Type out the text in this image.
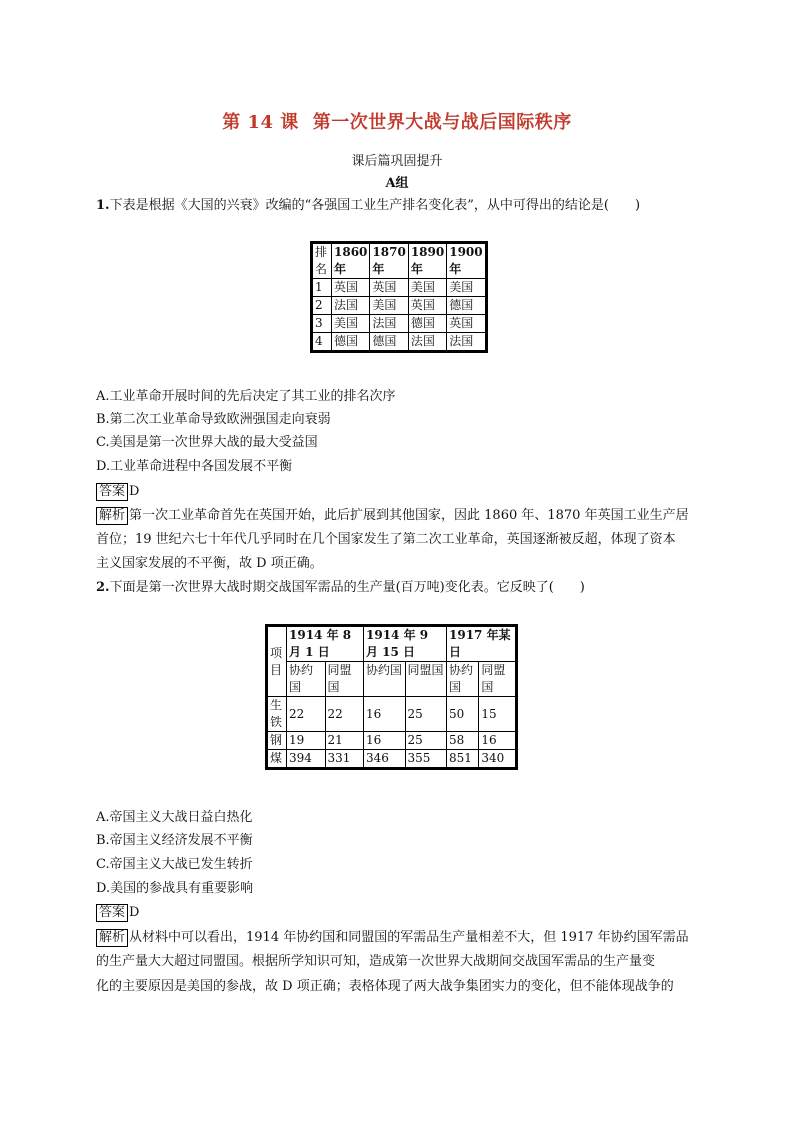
第 14 课 第一次世界大战与战后国际秩序
课后篇巩固提升
A组
1.下表是根据《大国的兴衰》改编的“各强国工业生产排名变化表”，从中可得出的结论是(　　)
排名	1860 年	1870 年	1890 年	1900 年
1	英国	英国	美国	美国
2	法国	美国	英国	德国
3	美国	法国	德国	英国
4	德国	德国	法国	法国
A.工业革命开展时间的先后决定了其工业的排名次序
B.第二次工业革命导致欧洲强国走向衰弱
C.美国是第一次世界大战的最大受益国
D.工业革命进程中各国发展不平衡
答案 D
解析 第一次工业革命首先在英国开始，此后扩展到其他国家，因此 1860 年、1870 年英国工业生产居
首位；19 世纪六七十年代几乎同时在几个国家发生了第二次工业革命，英国逐渐被反超，体现了资本
主义国家发展的不平衡，故 D 项正确。
2.下面是第一次世界大战时期交战国军需品的生产量(百万吨)变化表。它反映了(　　)
项目	1914 年 8 月 1 日		1914 年 9 月 15 日		1917 年某日	
	协约国	同盟国	协约国	同盟国	协约国	同盟国
生铁	22	22	16	25	50	15
钢	19	21	16	25	58	16
煤	394	331	346	355	851	340
A.帝国主义大战日益白热化
B.帝国主义经济发展不平衡
C.帝国主义大战已发生转折
D.美国的参战具有重要影响
答案 D
解析 从材料中可以看出，1914 年协约国和同盟国的军需品生产量相差不大，但 1917 年协约国军需品
的生产量大大超过同盟国。根据所学知识可知，造成第一次世界大战期间交战国军需品的生产量变
化的主要原因是美国的参战，故 D 项正确；表格体现了两大战争集团实力的变化，但不能体现战争的
